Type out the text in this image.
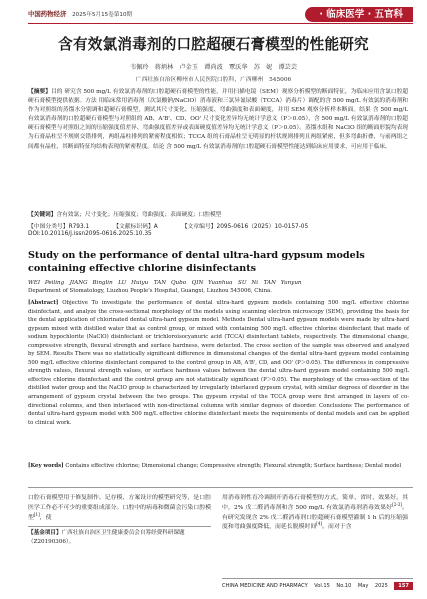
中国药物经济 2025年5月15卷第10期	· 临床医学 · 五官科
含有效氯消毒剂的口腔超硬石膏模型的性能研究
韦佩玲　蒋炳林　卢金玉　谭尚波　覃沃华　苏　妮　谭芸芸
广西壮族自治区柳州市人民医院口腔科，广西柳州　545006
【摘要】目的 研究含 500 mg/L 有效氯消毒剂的口腔超硬石膏模型的性能，并用扫描电镜（SEM）观察分析模型的断面特征，为临床应用含氯口腔超硬石膏模型提供依据。方法 用临床常用消毒剂（次氯酸钠/NaClO）消毒液和三氯异氰尿酸（TCCA）消毒片）调配的含 500 mg/L 有效氯的消毒剂和作为对照组的蒸馏水分别调和超硬石膏模型，测试其尺寸变化、压缩强度、弯曲强度和表面硬度，并用 SEM 观察分析样本断面。结果 含 500 mg/L 有效氯消毒剂的口腔超硬石膏模型与对照组的 AB、A'B'、CD、OO' 尺寸变化差异均无统计学意义（P＞0.05），含 500 mg/L 有效氯消毒剂的口腔超硬石膏模型与对照组之间的压缩强度值差异、弯曲强度值差异或表面硬度值差异均无统计学意义（P＞0.05）。蒸馏水组和 NaClO 组的断面形貌均表现为石膏晶柱呈不规则交错排列，两组晶柱排列的紧密程度相似；TCCA 组的石膏晶柱呈无明显的杆状规则排列且两组紧密，但多弯曲折叠，与前两组之间都有晶柱，其断面特征均结构表现的紧密程度。结论 含 500 mg/L 有效氯消毒剂的口腔超硬石膏模型性能达到临床应用要求，可应用于临床。
【关键词】含有效氯；尺寸变化；压缩强度；弯曲强度；表面硬度；口腔模型
【中图分类号】R793.1	【文献标识码】A	【文章编号】2095-0616（2025）10-0157-05
DOI:10.20116/j.issn2095-0616.2025.10.35
Study on the performance of dental ultra-hard gypsum models containing effective chlorine disinfectants
WEI Peiling　JIANG Binglin　LU Huiyu　TAN Qubo　QIN Yuanhua　SU Ni　TAN Yunyun
Department of Stomatology, Liuzhou People's Hospital, Guangxi, Liuzhou 545006, China.
[Abstract] Objective To investigate the performance of dental ultra-hard gypsum models containing 500 mg/L effective chlorine disinfectant, and analyze the cross-sectional morphology of the models using scanning electron microscopy (SEM), providing the basis for the dental application of chlorinated dental ultra-hard gypsum model. Methods Dental ultra-hard gypsum models were made by ultra-hard gypsum mixed with distilled water that as control group, or mixed with containing 500 mg/L effective chlorine disinfectant that made of sodium hypochlorite (NaClO) disinfectant or trichloroisocyanuric acid (TCCA) disinfectant tablets, respectively. The dimensional change, compressive strength, flexural strength and surface hardness, were detected. The cross section of the sample was observed and analyzed by SEM. Results There was no statistically significant difference in dimensional changes of the dental ultra-hard gypsum model containing 500 mg/L effective chlorine disinfectant compared to the control group in AB, A'B', CD, and OO' (P＞0.05). The differences in compressive strength values, flexural strength values, or surface hardness values between the dental ultra-hard gypsum model containing 500 mg/L effective chlorine disinfectant and the control group are not statistically significant (P＞0.05). The morphology of the cross-section of the distilled water group and the NaClO group is characterized by irregularly interlaced gypsum crystal, with similar degrees of disorder in the arrangement of gypsum crystal between the two groups. The gypsum crystal of the TCCA group were first arranged in layers of co-directional columns, and then interlaced with non-directional columns with similar degrees of disorder. Conclusions The performance of dental ultra-hard gypsum model with 500 mg/L effective chlorine disinfectant meets the requirements of dental models and can be applied to clinical work.
[Key words] Contains effective chlorine; Dimensional change; Compressive strength; Flexural strength; Surface hardness; Dental model
口腔石膏模型用于修复制作、记存模、方案设计的模型研究等，是口腔医学工作必不可少的重要组成部分。口腔中的病毒和微菌会污染口腔模型[1]，使
【基金项目】广西壮族自治区卫生健康委员会自筹经费科研课题（Z20190306）。
用消毒剂性育冷调制开消毒石膏模型的方式，简单、省时、效果好。其中，2% 戊二醛消毒剂和含 500 mg/L 有效氯消毒剂消毒效果好[2-3]。有研究发现含 2% 戊二醛消毒剂口腔超硬石膏模型灌制 1 h 后的压缩强度和弯曲强度降低，而延长脱模时间[4]。而对于含
CHINA MEDICINE AND PHARMACY Vol.15 No.10 May 2025	157
